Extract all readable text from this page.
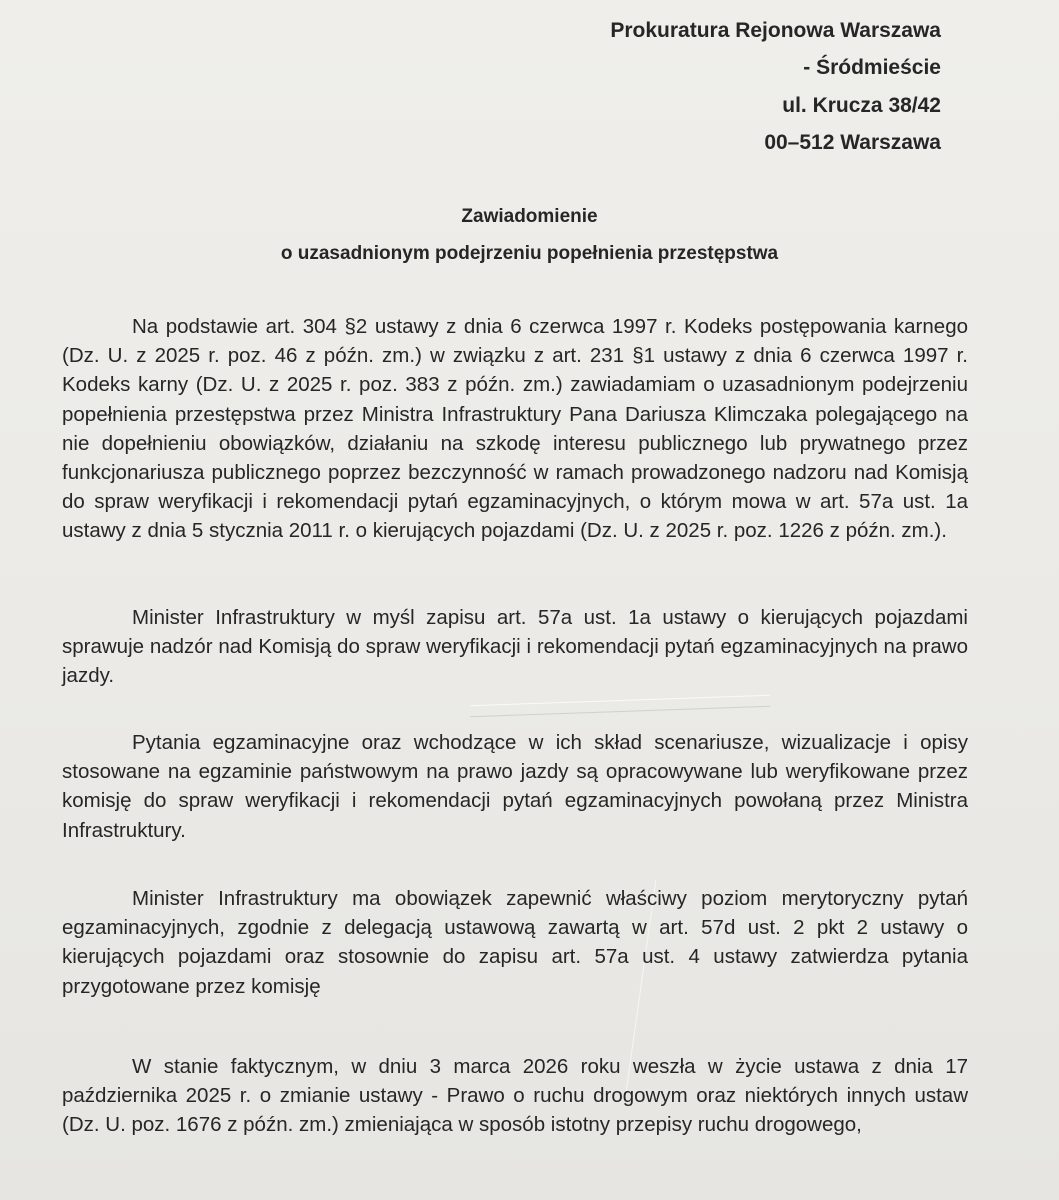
Prokuratura Rejonowa Warszawa
- Śródmieście
ul. Krucza 38/42
00–512 Warszawa
Zawiadomienie
o uzasadnionym podejrzeniu popełnienia przestępstwa

Na podstawie art. 304 §2 ustawy z dnia 6 czerwca 1997 r. Kodeks postępowania karnego (Dz. U. z 2025 r. poz. 46 z późn. zm.) w związku z art. 231 §1 ustawy z dnia 6 czerwca 1997 r. Kodeks karny (Dz. U. z 2025 r. poz. 383 z późn. zm.) zawiadamiam o uzasadnionym podejrzeniu popełnienia przestępstwa przez Ministra Infrastruktury Pana Dariusza Klimczaka polegającego na nie dopełnieniu obowiązków, działaniu na szkodę interesu publicznego lub prywatnego przez funkcjonariusza publicznego poprzez bezczynność w ramach prowadzonego nadzoru nad Komisją do spraw weryfikacji i rekomendacji pytań egzaminacyjnych, o którym mowa w art. 57a ust. 1a ustawy z dnia 5 stycznia 2011 r. o kierujących pojazdami (Dz. U. z 2025 r. poz. 1226 z późn. zm.).

Minister Infrastruktury w myśl zapisu art. 57a ust. 1a ustawy o kierujących pojazdami sprawuje nadzór nad Komisją do spraw weryfikacji i rekomendacji pytań egzaminacyjnych na prawo jazdy.

Pytania egzaminacyjne oraz wchodzące w ich skład scenariusze, wizualizacje i opisy stosowane na egzaminie państwowym na prawo jazdy są opracowywane lub weryfikowane przez komisję do spraw weryfikacji i rekomendacji pytań egzaminacyjnych powołaną przez Ministra Infrastruktury.

Minister Infrastruktury ma obowiązek zapewnić właściwy poziom merytoryczny pytań egzaminacyjnych, zgodnie z delegacją ustawową zawartą w art. 57d ust. 2 pkt 2 ustawy o kierujących pojazdami oraz stosownie do zapisu art. 57a ust. 4 ustawy zatwierdza pytania przygotowane przez komisję

W stanie faktycznym, w dniu 3 marca 2026 roku weszła w życie ustawa z dnia 17 października 2025 r. o zmianie ustawy - Prawo o ruchu drogowym oraz niektórych innych ustaw (Dz. U. poz. 1676 z późn. zm.) zmieniająca w sposób istotny przepisy ruchu drogowego,
